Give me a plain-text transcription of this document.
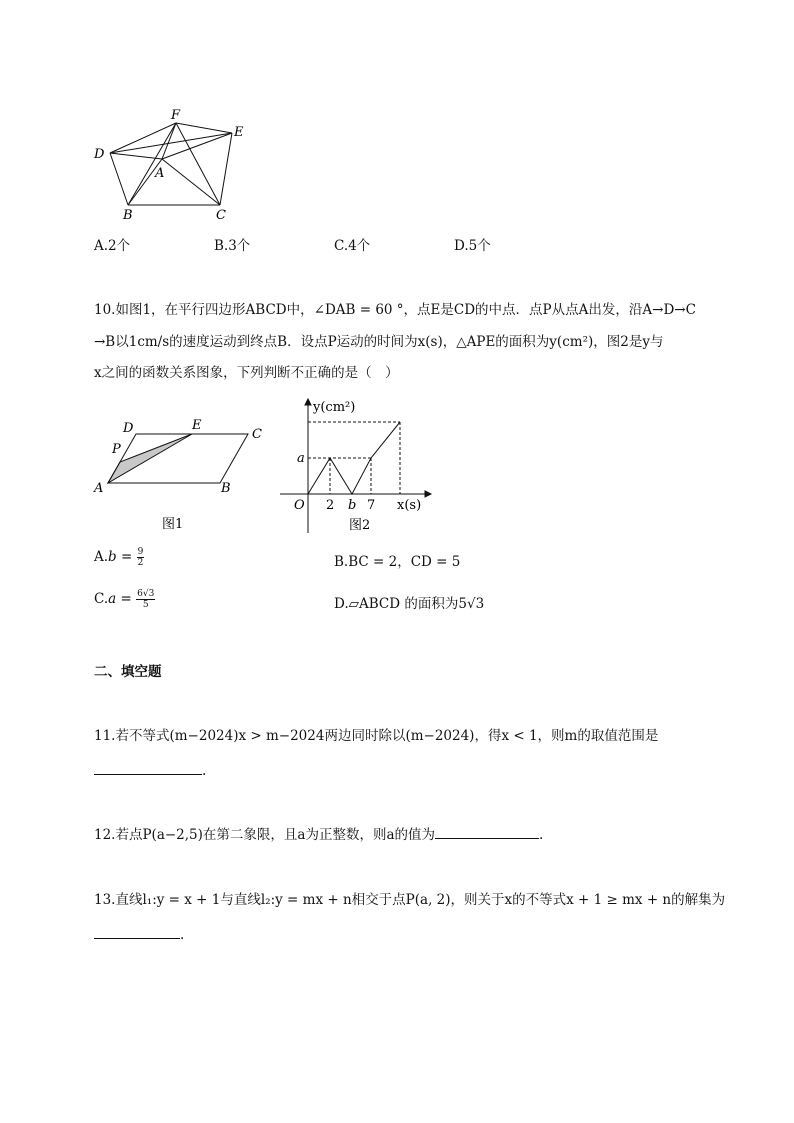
F
E
D
A
B	C
A.2个	B.3个	C.4个	D.5个
10.如图1，在平行四边形ABCD中，∠DAB = 60 °，点E是CD的中点．点P从点A出发，沿A→D→C
→B以1cm/s的速度运动到终点B．设点P运动的时间为x(s)，△APE的面积为y(cm²)，图2是y与
x之间的函数关系图象，下列判断不正确的是（　）
D	E
C
P
A	B
图1
y(cm²)
a
O 2 b 7 x(s)
图2
$A.b = \frac{9}{2}$	B.BC = 2，CD = 5
$C.a = \frac{6√3}{5}$	D.▱ABCD 的面积为5√3
二、填空题
11.若不等式(m−2024)x > m−2024两边同时除以(m−2024)，得x < 1，则m的取值范围是
.
12.若点P(a−2,5)在第二象限，且a为正整数，则a的值为	.
13.直线l₁:y = x + 1与直线l₂:y = mx + n相交于点P(a, 2)，则关于x的不等式x + 1 ≥ mx + n的解集为
.
